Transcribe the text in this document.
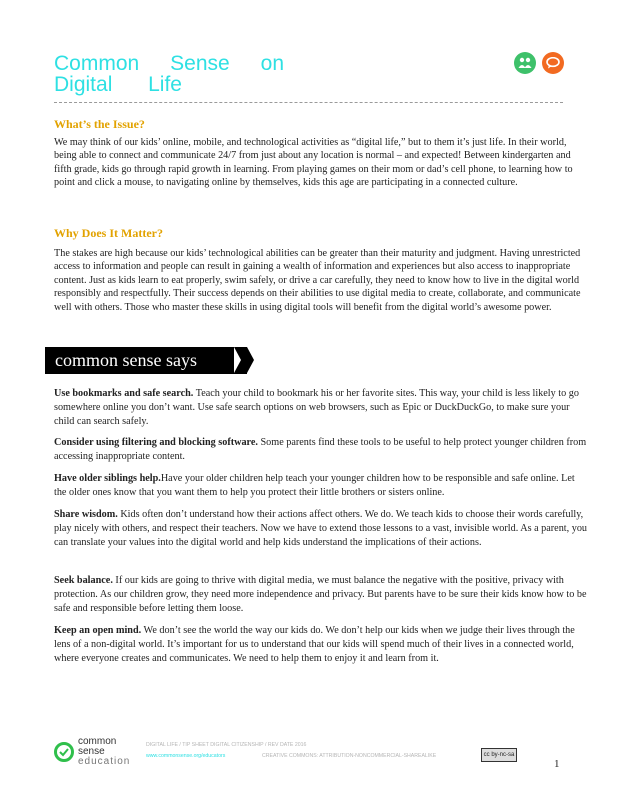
Common Sense on
Digital Life
What’s the Issue?

We may think of our kids’ online, mobile, and technological activities as “digital life,” but to them it’s just life. In their world, being able to connect and communicate 24/7 from just about any location is normal – and expected! Between kindergarten and fifth grade, kids go through rapid growth in learning. From playing games on their mom or dad’s cell phone, to learning how to point and click a mouse, to navigating online by themselves, kids this age are participating in a connected culture.

Why Does It Matter?

The stakes are high because our kids’ technological abilities can be greater than their maturity and judgment. Having unrestricted access to information and people can result in gaining a wealth of information and experiences but also access to inappropriate content. Just as kids learn to eat properly, swim safely, or drive a car carefully, they need to know how to live in the digital world responsibly and respectfully. Their success depends on their abilities to use digital media to create, collaborate, and communicate well with others. Those who master these skills in using digital tools will benefit from the digital world’s awesome power.

common sense says

Use bookmarks and safe search. Teach your child to bookmark his or her favorite sites. This way, your child is less likely to go somewhere online you don’t want. Use safe search options on web browsers, such as Epic or DuckDuckGo, to make sure your child can search safely.

Consider using filtering and blocking software. Some parents find these tools to be useful to help protect younger children from accessing inappropriate content.

Have older siblings help.Have your older children help teach your younger children how to be responsible and safe online. Let the older ones know that you want them to help you protect their little brothers or sisters online.

Share wisdom. Kids often don’t understand how their actions affect others. We do. We teach kids to choose their words carefully, play nicely with others, and respect their teachers. Now we have to extend those lessons to a vast, invisible world. As a parent, you can translate your values into the digital world and help kids understand the implications of their actions.

Seek balance. If our kids are going to thrive with digital media, we must balance the negative with the positive, privacy with protection. As our children grow, they need more independence and privacy. But parents have to be sure their kids know how to be safe and responsible before letting them loose.

Keep an open mind. We don’t see the world the way our kids do. We don’t help our kids when we judge their lives through the lens of a non-digital world. It’s important for us to understand that our kids will spend much of their lives in a connected world, where everyone creates and communicates. We need to help them to enjoy it and learn from it.

common
sense
education
DIGITAL LIFE / TIP SHEET DIGITAL CITIZENSHIP / REV DATE 2016
www.commonsense.org/educators	CREATIVE COMMONS: ATTRIBUTION-NONCOMMERCIAL-SHAREALIKE	cc by-nc-sa
1
